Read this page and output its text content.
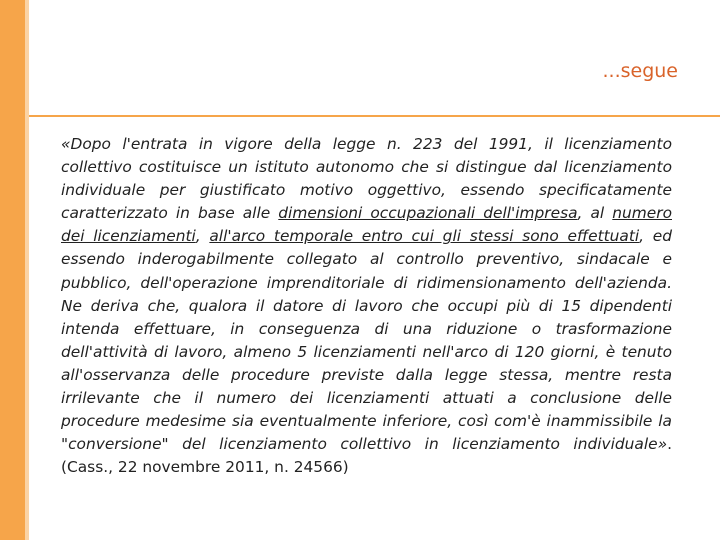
...segue
«Dopo l'entrata in vigore della legge n. 223 del 1991, il licenziamento collettivo costituisce un istituto autonomo che si distingue dal licenziamento individuale per giustificato motivo oggettivo, essendo specificatamente caratterizzato in base alle dimensioni occupazionali dell'impresa, al numero dei licenziamenti, all'arco temporale entro cui gli stessi sono effettuati, ed essendo inderogabilmente collegato al controllo preventivo, sindacale e pubblico, dell'operazione imprenditoriale di ridimensionamento dell'azienda. Ne deriva che, qualora il datore di lavoro che occupi più di 15 dipendenti intenda effettuare, in conseguenza di una riduzione o trasformazione dell'attività di lavoro, almeno 5 licenziamenti nell'arco di 120 giorni, è tenuto all'osservanza delle procedure previste dalla legge stessa, mentre resta irrilevante che il numero dei licenziamenti attuati a conclusione delle procedure medesime sia eventualmente inferiore, così com'è inammissibile la "conversione" del licenziamento collettivo in licenziamento individuale». (Cass., 22 novembre 2011, n. 24566)
